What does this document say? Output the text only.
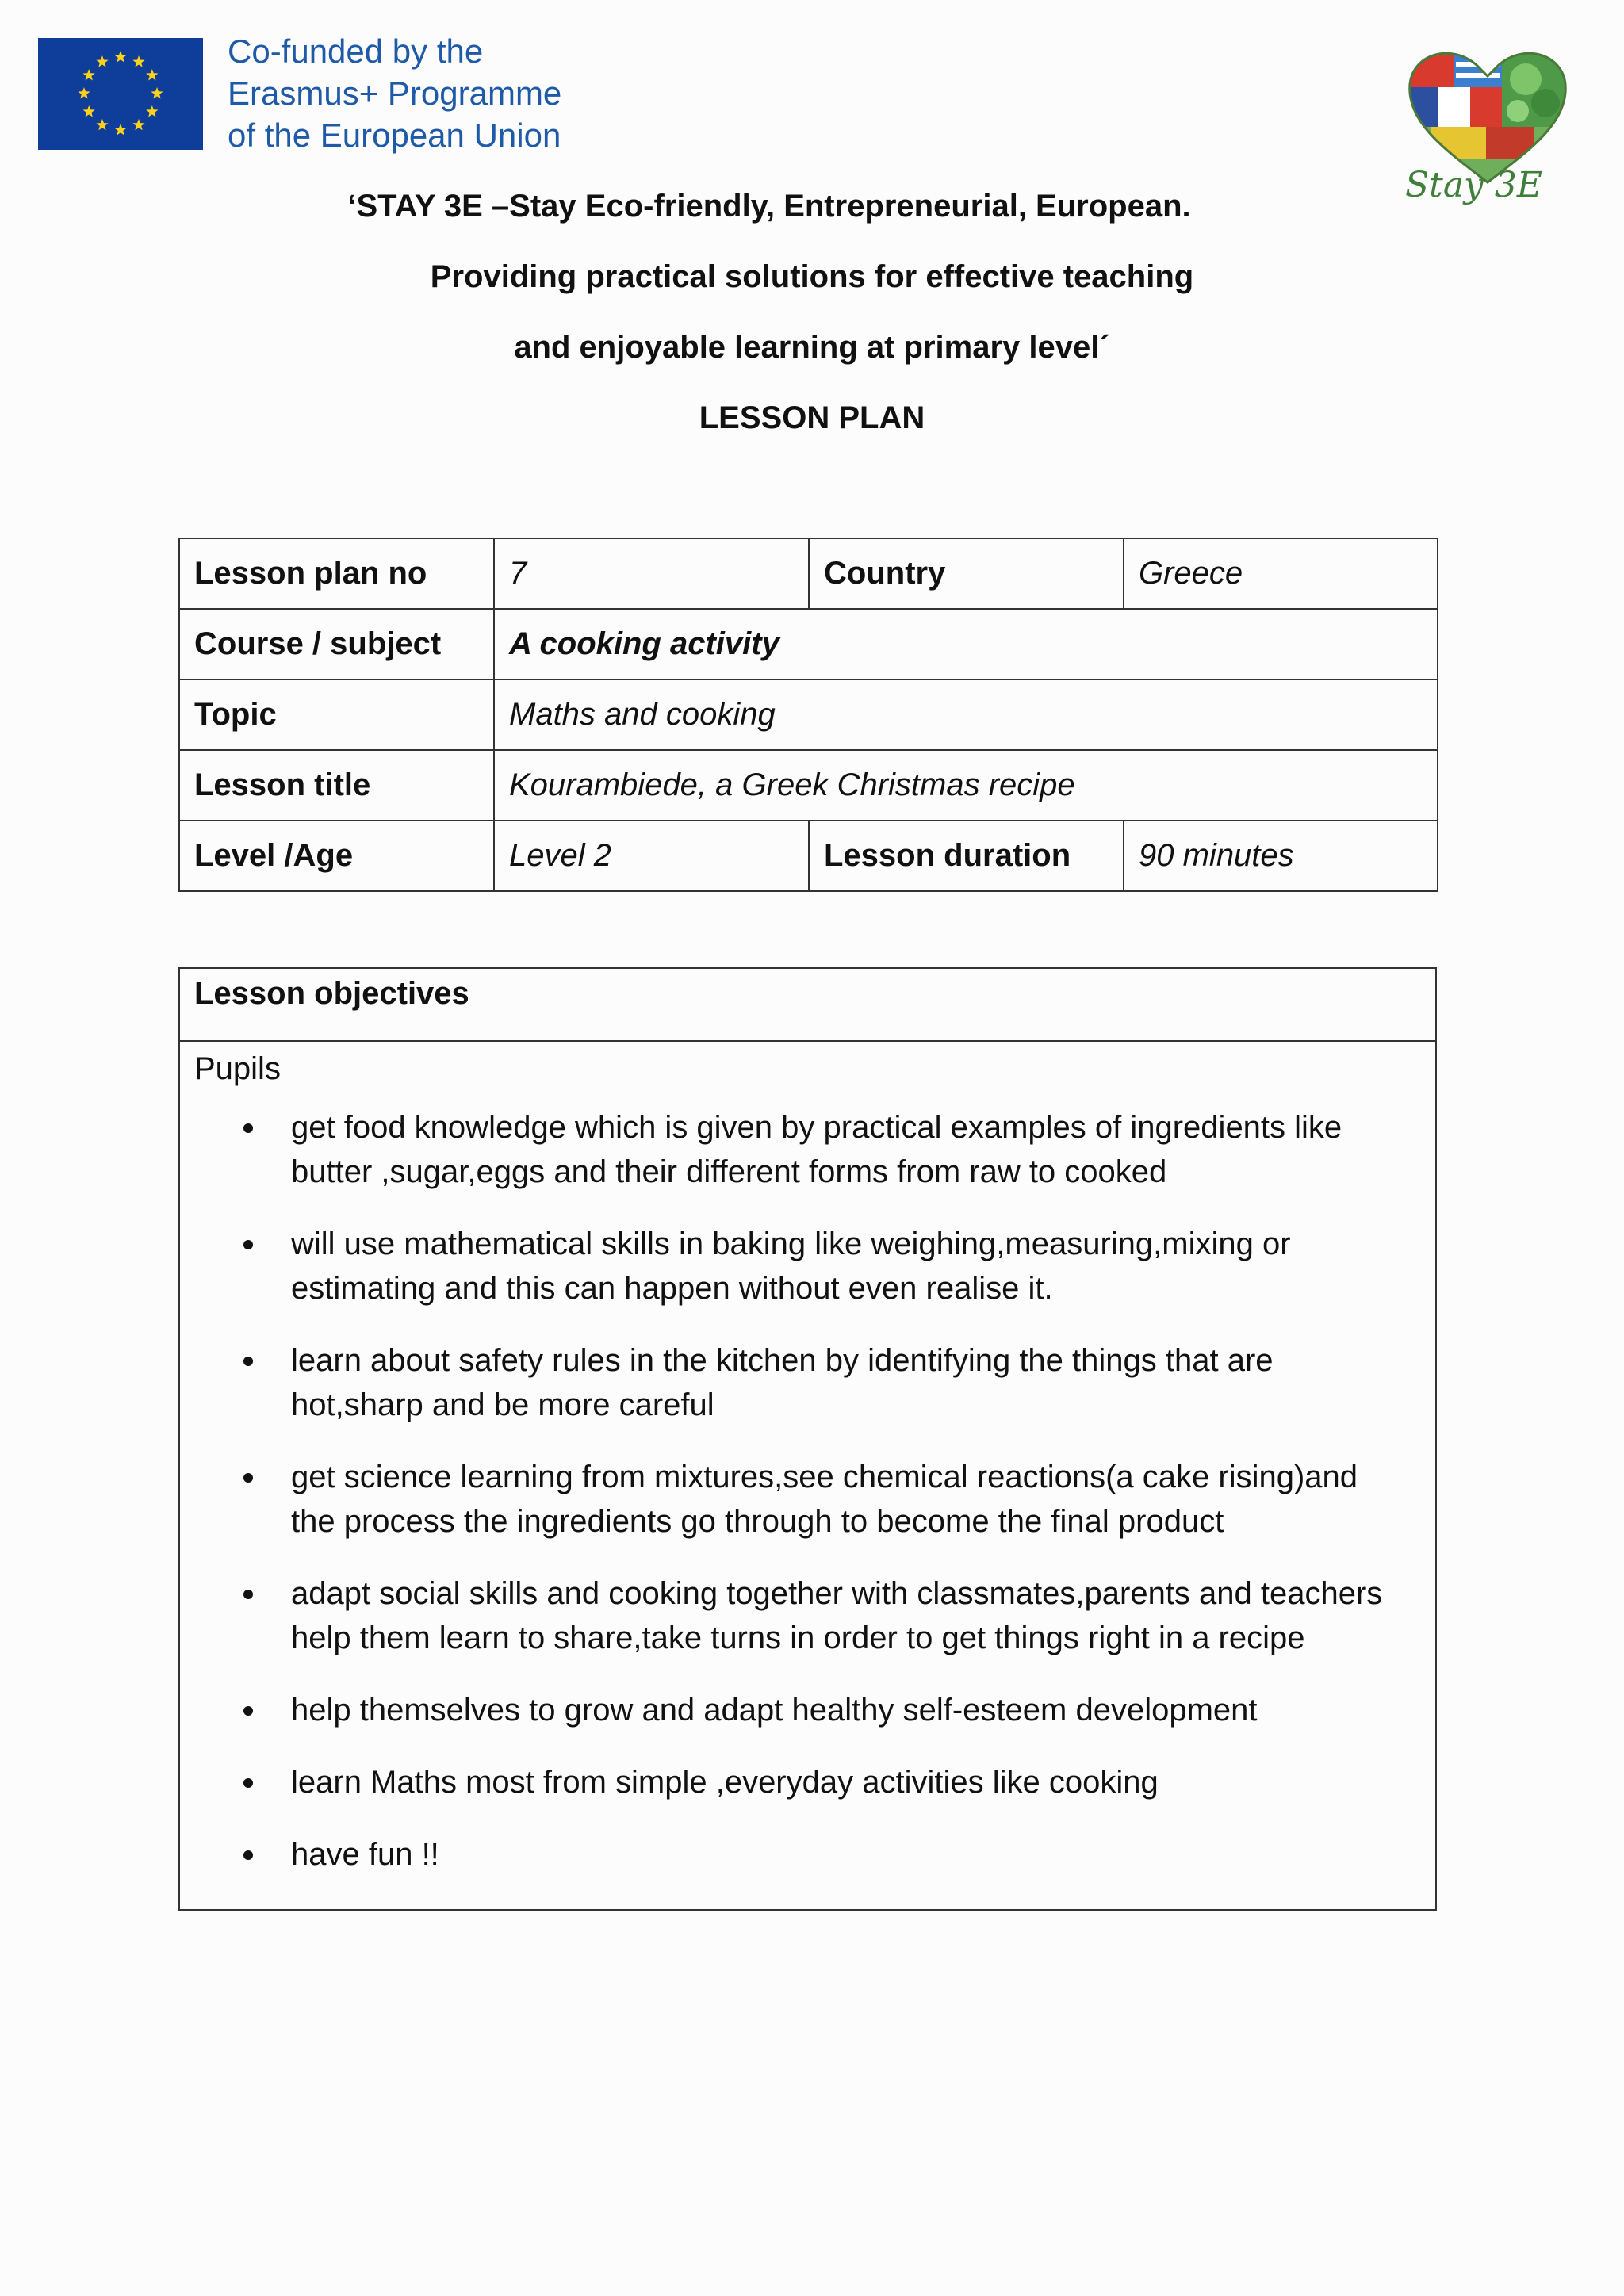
Co-funded by the
Erasmus+ Programme
of the European Union
Stay 3E
‘STAY 3E –Stay Eco-friendly, Entrepreneurial, European.
Providing practical solutions for effective teaching
and enjoyable learning at primary level´
LESSON PLAN
Lesson plan no	7	Country	Greece
Course / subject	A cooking activity		
Topic	Maths and cooking		
Lesson title	Kourambiede, a Greek Christmas recipe		
Level /Age	Level 2	Lesson duration	90 minutes
Lesson objectives
Pupils
get food knowledge which is given by practical examples of ingredients like
butter ,sugar,eggs and their different forms from raw to cooked
will use mathematical skills in baking like weighing,measuring,mixing or
estimating and this can happen without even realise it.
learn about safety rules in the kitchen by identifying the things that are
hot,sharp and be more careful
get science learning from mixtures,see chemical reactions(a cake rising)and
the process the ingredients go through to become the final product
adapt social skills and cooking together with classmates,parents and teachers
help them learn to share,take turns in order to get things right in a recipe
help themselves to grow and adapt healthy self-esteem development
learn Maths most from simple ,everyday activities like cooking
have fun !!
